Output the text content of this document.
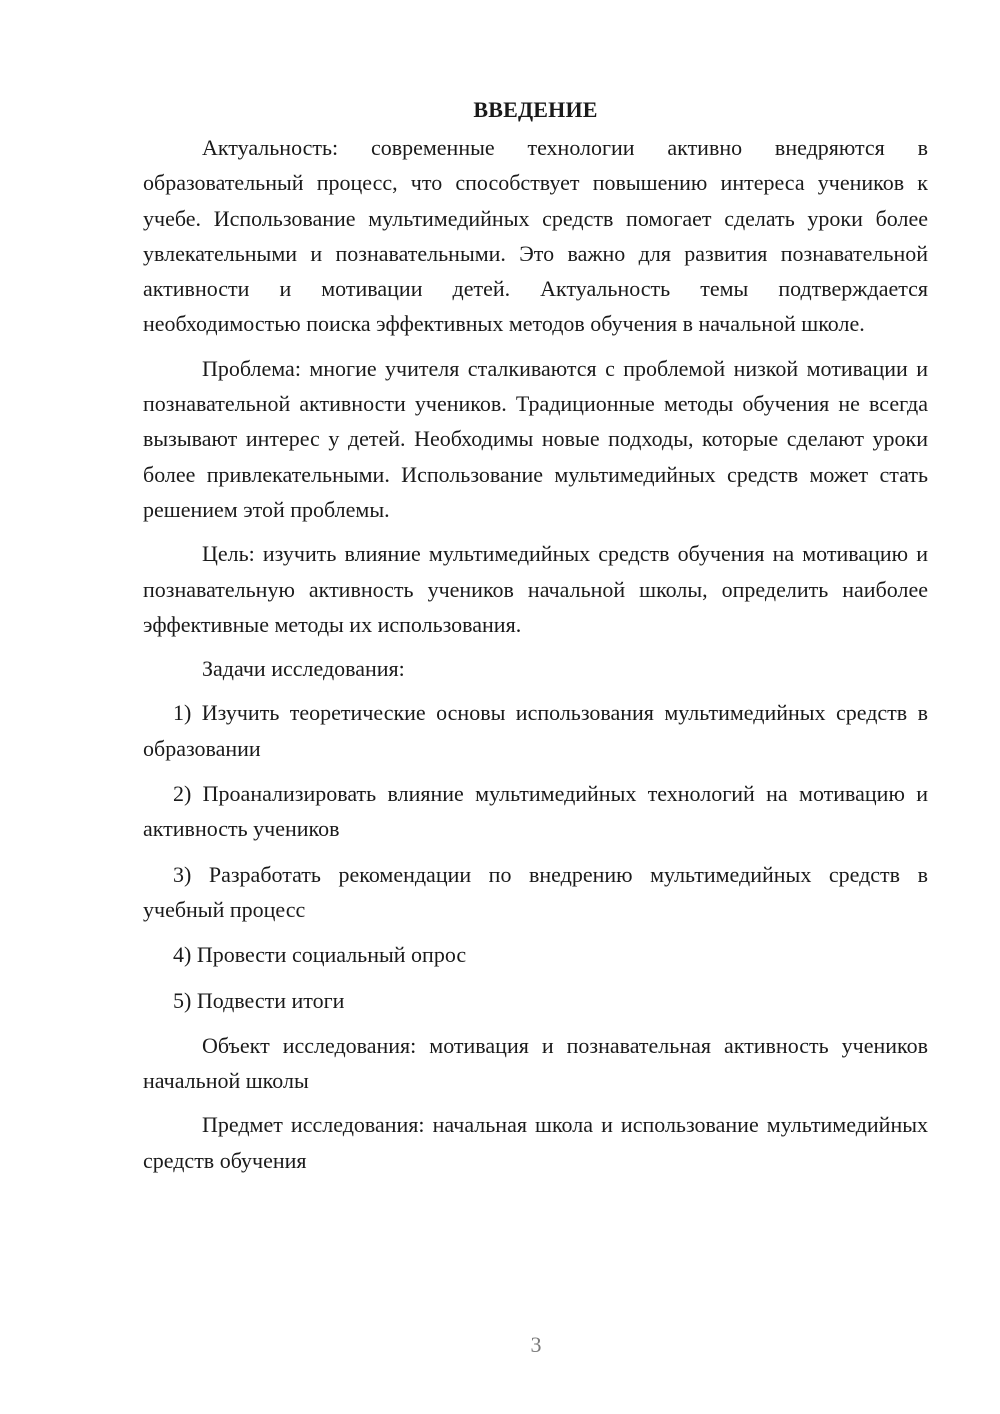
ВВЕДЕНИЕ

Актуальность: современные технологии активно внедряются в образовательный процесс, что способствует повышению интереса учеников к учебе. Использование мультимедийных средств помогает сделать уроки более увлекательными и познавательными. Это важно для развития познавательной активности и мотивации детей. Актуальность темы подтверждается необходимостью поиска эффективных методов обучения в начальной школе.

Проблема: многие учителя сталкиваются с проблемой низкой мотивации и познавательной активности учеников. Традиционные методы обучения не всегда вызывают интерес у детей. Необходимы новые подходы, которые сделают уроки более привлекательными. Использование мультимедийных средств может стать решением этой проблемы.

Цель: изучить влияние мультимедийных средств обучения на мотивацию и познавательную активность учеников начальной школы, определить наиболее эффективные методы их использования.

Задачи исследования:

1) Изучить теоретические основы использования мультимедийных средств в образовании

2) Проанализировать влияние мультимедийных технологий на мотивацию и активность учеников

3) Разработать рекомендации по внедрению мультимедийных средств в учебный процесс

4) Провести социальный опрос

5) Подвести итоги

Объект исследования: мотивация и познавательная активность учеников начальной школы

Предмет исследования: начальная школа и использование мультимедийных средств обучения

3
